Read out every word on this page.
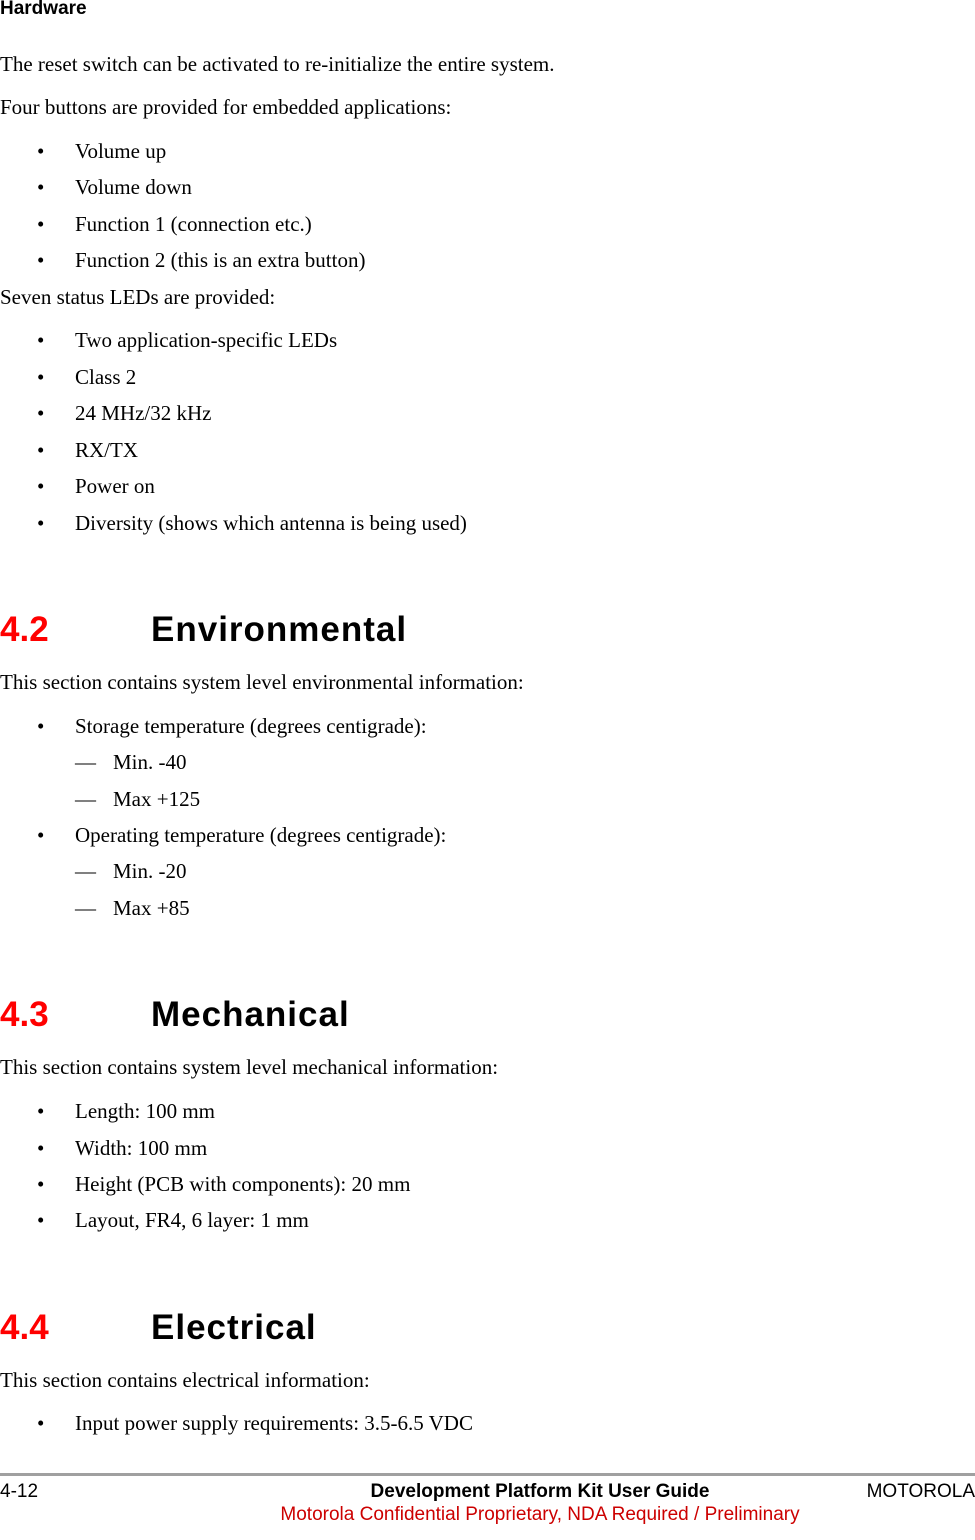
Hardware
The reset switch can be activated to re-initialize the entire system.
Four buttons are provided for embedded applications:
• Volume up
• Volume down
• Function 1 (connection etc.)
• Function 2 (this is an extra button)
Seven status LEDs are provided:
• Two application-specific LEDs
• Class 2
• 24 MHz/32 kHz
• RX/TX
• Power on
• Diversity (shows which antenna is being used)
4.2	Environmental
This section contains system level environmental information:
• Storage temperature (degrees centigrade):
— Min. -40
— Max +125
• Operating temperature (degrees centigrade):
— Min. -20
— Max +85
4.3	Mechanical
This section contains system level mechanical information:
• Length: 100 mm
• Width: 100 mm
• Height (PCB with components): 20 mm
• Layout, FR4, 6 layer: 1 mm
4.4	Electrical
This section contains electrical information:
• Input power supply requirements: 3.5-6.5 VDC
4-12	Development Platform Kit User Guide	MOTOROLA
Motorola Confidential Proprietary, NDA Required / Preliminary
